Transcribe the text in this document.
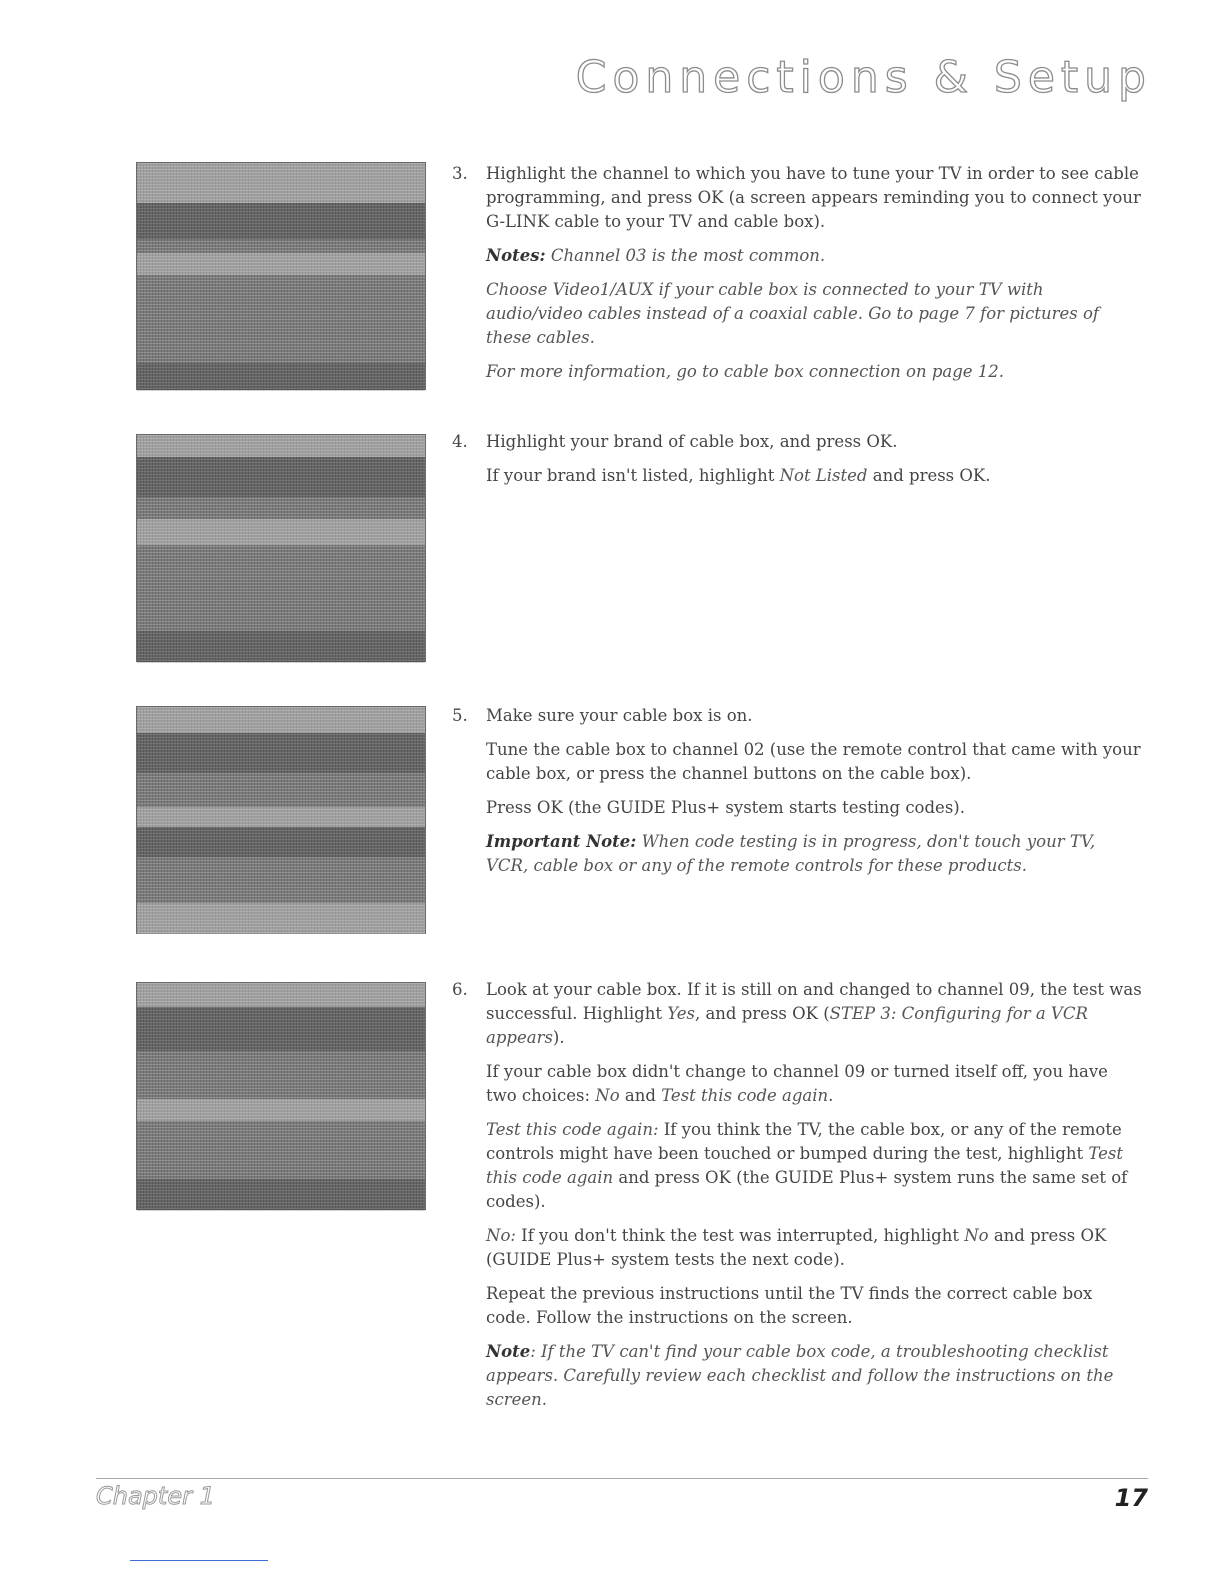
Connections & Setup
3. Highlight the channel to which you have to tune your TV in order to see cable programming, and press OK (a screen appears reminding you to connect your G-LINK cable to your TV and cable box).

Notes: Channel 03 is the most common.

Choose Video1/AUX if your cable box is connected to your TV with audio/video cables instead of a coaxial cable. Go to page 7 for pictures of these cables.

For more information, go to cable box connection on page 12.

4. Highlight your brand of cable box, and press OK.

If your brand isn't listed, highlight Not Listed and press OK.

5. Make sure your cable box is on.

Tune the cable box to channel 02 (use the remote control that came with your cable box, or press the channel buttons on the cable box).

Press OK (the GUIDE Plus+ system starts testing codes).

Important Note: When code testing is in progress, don't touch your TV, VCR, cable box or any of the remote controls for these products.

6. Look at your cable box. If it is still on and changed to channel 09, the test was successful. Highlight Yes, and press OK (STEP 3: Configuring for a VCR appears).

If your cable box didn't change to channel 09 or turned itself off, you have two choices: No and Test this code again.

Test this code again: If you think the TV, the cable box, or any of the remote controls might have been touched or bumped during the test, highlight Test this code again and press OK (the GUIDE Plus+ system runs the same set of codes).

No: If you don't think the test was interrupted, highlight No and press OK (GUIDE Plus+ system tests the next code).

Repeat the previous instructions until the TV finds the correct cable box code. Follow the instructions on the screen.

Note: If the TV can't find your cable box code, a troubleshooting checklist appears. Carefully review each checklist and follow the instructions on the screen.

Chapter 1	17
